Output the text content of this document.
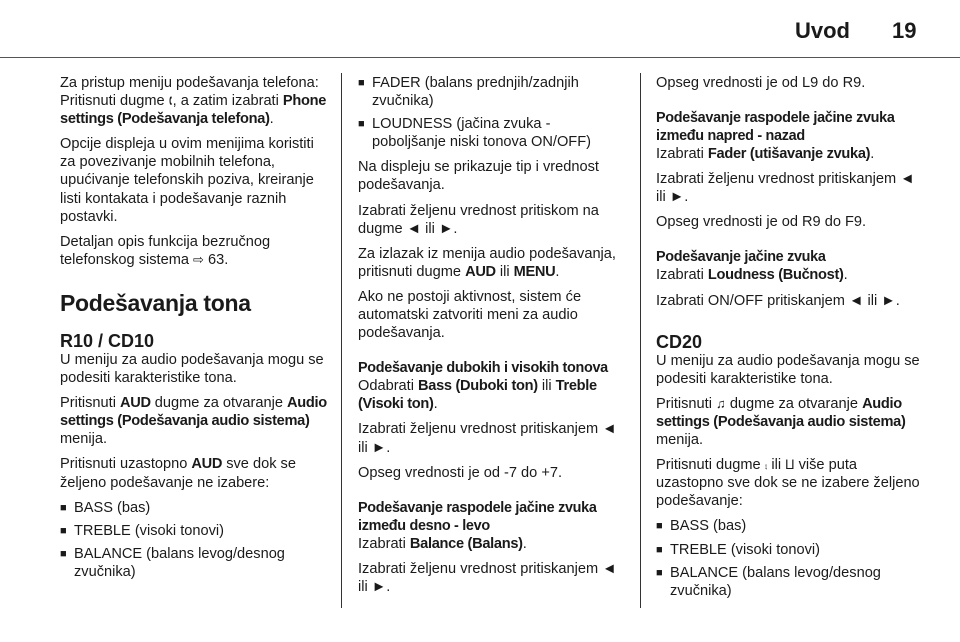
Uvod 19

Za pristup meniju podešavanja telefona: Pritisnuti dugme 🕻︎, a zatim izabrati Phone settings (Podešavanja telefona).

Opcije displeja u ovim menijima koristiti za povezivanje mobilnih telefona, upućivanje telefonskih poziva, kreiranje listi kontakata i podešavanje raznih postavki.

Detaljan opis funkcija bezručnog telefonskog sistema ⇨ 63.

Podešavanja tona
R10 / CD10

U meniju za audio podešavanja mogu se podesiti karakteristike tona.

Pritisnuti AUD dugme za otvaranje Audio settings (Podešavanja audio sistema) menija.

Pritisnuti uzastopno AUD sve dok se željeno podešavanje ne izabere:

■ BASS (bas)
■ TREBLE (visoki tonovi)
■ BALANCE (balans levog/desnog zvučnika)
■ FADER (balans prednjih/zadnjih zvučnika)
■ LOUDNESS (jačina zvuka - poboljšanje niski tonova ON/OFF)

Na displeju se prikazuje tip i vrednost podešavanja.

Izabrati željenu vrednost pritiskom na dugme ◄ ili ►.

Za izlazak iz menija audio podešavanja, pritisnuti dugme AUD ili MENU.

Ako ne postoji aktivnost, sistem će automatski zatvoriti meni za audio podešavanja.

Podešavanje dubokih i visokih tonova

Odabrati Bass (Duboki ton) ili Treble (Visoki ton).

Izabrati željenu vrednost pritiskanjem ◄ ili ►.

Opseg vrednosti je od -7 do +7.

Podešavanje raspodele jačine zvuka između desno - levo

Izabrati Balance (Balans).

Izabrati željenu vrednost pritiskanjem ◄ ili ►.

Opseg vrednosti je od L9 do R9.

Podešavanje raspodele jačine zvuka između napred - nazad

Izabrati Fader (utišavanje zvuka).

Izabrati željenu vrednost pritiskanjem ◄ ili ►.

Opseg vrednosti je od R9 do F9.

Podešavanje jačine zvuka

Izabrati Loudness (Bučnost).

Izabrati ON/OFF pritiskanjem ◄ ili ►.

CD20

U meniju za audio podešavanja mogu se podesiti karakteristike tona.

Pritisnuti ♫ dugme za otvaranje Audio settings (Podešavanja audio sistema) menija.

Pritisnuti dugme ⨾ ili ⨿ više puta uzastopno sve dok se ne izabere željeno podešavanje:

■ BASS (bas)
■ TREBLE (visoki tonovi)
■ BALANCE (balans levog/desnog zvučnika)
